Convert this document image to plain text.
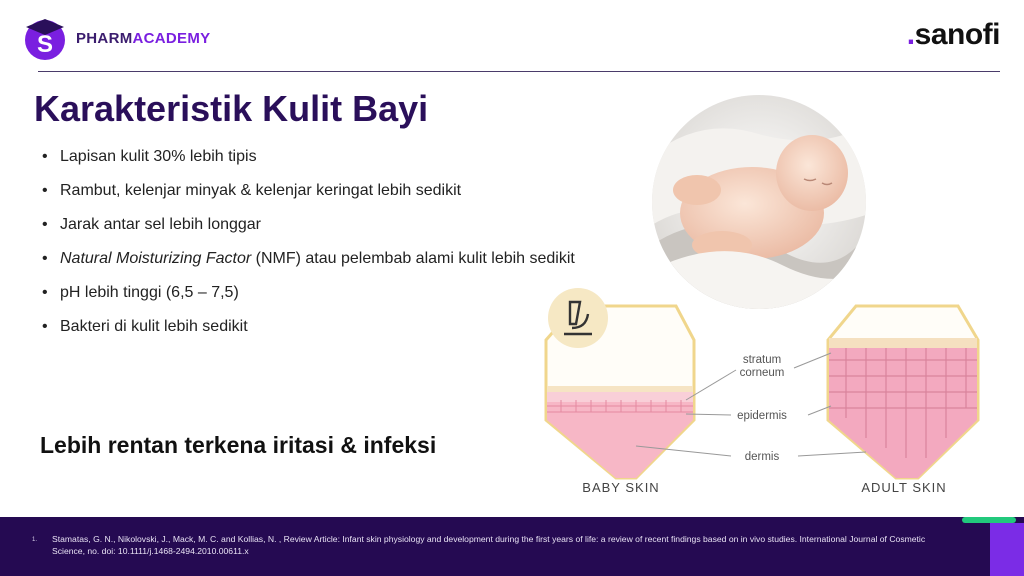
S PHARMACADEMY	.sanofi
Karakteristik Kulit Bayi
• Lapisan kulit 30% lebih tipis
• Rambut, kelenjar minyak & kelenjar keringat lebih sedikit
• Jarak antar sel lebih longgar
• Natural Moisturizing Factor (NMF) atau pelembab alami kulit lebih sedikit
• pH lebih tinggi (6,5 – 7,5)
• Bakteri di kulit lebih sedikit
Lebih rentan terkena iritasi & infeksi
stratum
corneum
epidermis
dermis
BABY SKIN	ADULT SKIN
1. Stamatas, G. N., Nikolovski, J., Mack, M. C. and Kollias, N. , Review Article: Infant skin physiology and development during the first years of life: a review of recent findings based on in vivo studies. International Journal of Cosmetic Science, no. doi: 10.1111/j.1468-2494.2010.00611.x
